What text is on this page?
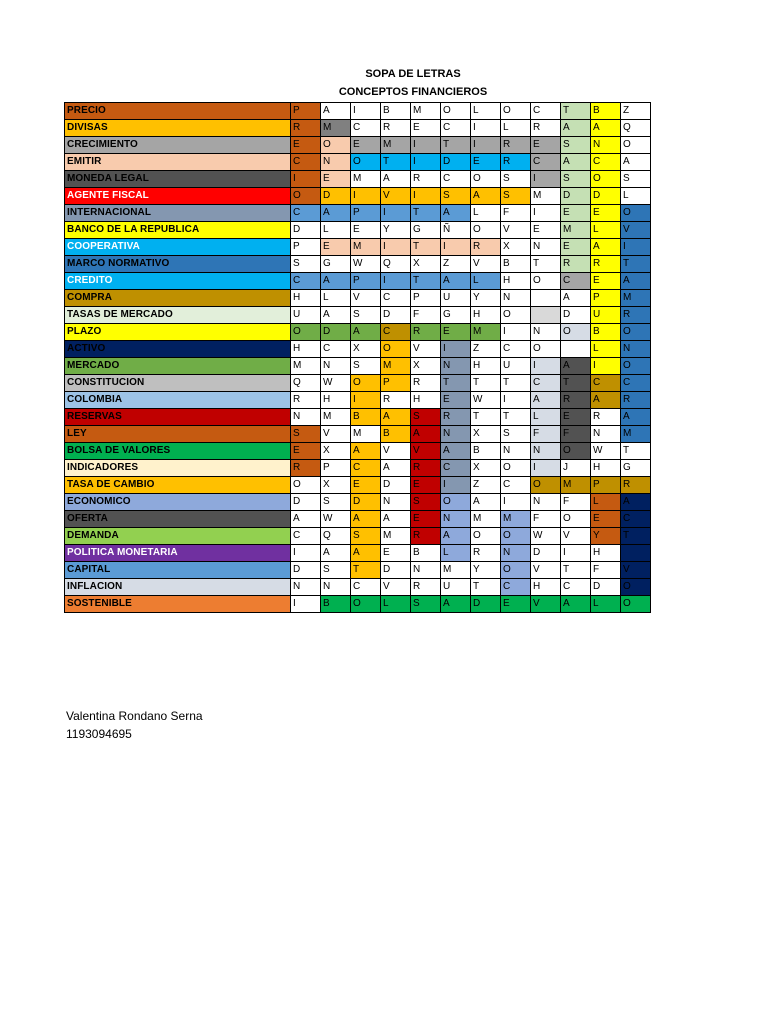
SOPA DE LETRAS
CONCEPTOS FINANCIEROS
PRECIO	P	A	I	B	M	O	L	O	C	T	B	Z
DIVISAS	R	M	C	R	E	C	I	L	R	A	A	Q
CRECIMIENTO	E	O	E	M	I	T	I	R	E	S	N	O
EMITIR	C	N	O	T	I	D	E	R	C	A	C	A
MONEDA LEGAL	I	E	M	A	R	C	O	S	I	S	O	S
AGENTE FISCAL	O	D	I	V	I	S	A	S	M	D	D	L
INTERNACIONAL	C	A	P	I	T	A	L	F	I	E	E	O
BANCO DE LA REPUBLICA	D	L	E	Y	G	Ñ	O	V	E	M	L	V
COOPERATIVA	P	E	M	I	T	I	R	X	N	E	A	I
MARCO NORMATIVO	S	G	W	Q	X	Z	V	B	T	R	R	T
CREDITO	C	A	P	I	T	A	L	H	O	C	E	A
COMPRA	H	L	V	C	P	U	Y	N		A	P	M
TASAS DE MERCADO	U	A	S	D	F	G	H	O		D	U	R
PLAZO	O	D	A	C	R	E	M	I	N	O	B	O
ACTIVO	H	C	X	O	V	I	Z	C	O		L	N
MERCADO	M	N	S	M	X	N	H	U	I	A	I	O
CONSTITUCION	Q	W	O	P	R	T	T	T	C	T	C	C
COLOMBIA	R	H	I	R	H	E	W	I	A	R	A	R
RESERVAS	N	M	B	A	S	R	T	T	L	E	R	A
LEY	S	V	M	B	A	N	X	S	F	F	N	M
BOLSA DE VALORES	E	X	A	V	V	A	B	N	N	O	W	T
INDICADORES	R	P	C	A	R	C	X	O	I	J	H	G
TASA DE CAMBIO	O	X	E	D	E	I	Z	C	O	M	P	R
ECONOMICO	D	S	D	N	S	O	A	I	N	F	L	A
OFERTA	A	W	A	A	E	N	M	M	F	O	E	C
DEMANDA	C	Q	S	M	R	A	O	O	W	V	Y	T
POLITICA MONETARIA	I	A	A	E	B	L	R	N	D	I	H	
CAPITAL	D	S	T	D	N	M	Y	O	V	T	F	V
INFLACION	N	N	C	V	R	U	T	C	H	C	D	O
SOSTENIBLE	I	B	O	L	S	A	D	E	V	A	L	O
Valentina Rondano Serna
1193094695
